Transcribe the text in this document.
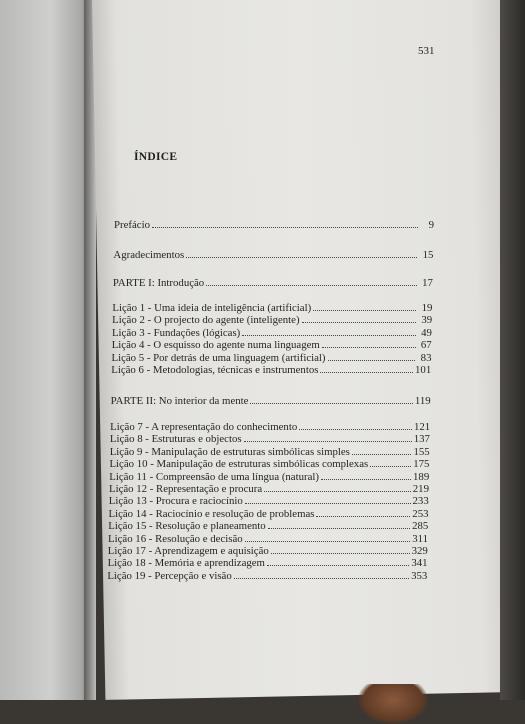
531
ÍNDICE
Prefácio	9
Agradecimentos	15
PARTE I: Introdução	17
Lição 1 - Uma ideia de inteligência (artificial)	19
Lição 2 - O projecto do agente (inteligente)	39
Lição 3 - Fundações (lógicas)	49
Lição 4 - O esquisso do agente numa linguagem	67
Lição 5 - Por detrás de uma linguagem (artificial)	83
Lição 6 - Metodologias, técnicas e instrumentos	101
PARTE II: No interior da mente	119
Lição 7 - A representação do conhecimento	121
Lição 8 - Estruturas e objectos	137
Lição 9 - Manipulação de estruturas simbólicas simples	155
Lição 10 - Manipulação de estruturas simbólicas complexas	175
Lição 11 - Compreensão de uma língua (natural)	189
Lição 12 - Representação e procura	219
Lição 13 - Procura e raciocínio	233
Lição 14 - Raciocínio e resolução de problemas	253
Lição 15 - Resolução e planeamento	285
Lição 16 - Resolução e decisão	311
Lição 17 - Aprendizagem e aquisição	329
Lição 18 - Memória e aprendizagem	341
Lição 19 - Percepção e visão	353
